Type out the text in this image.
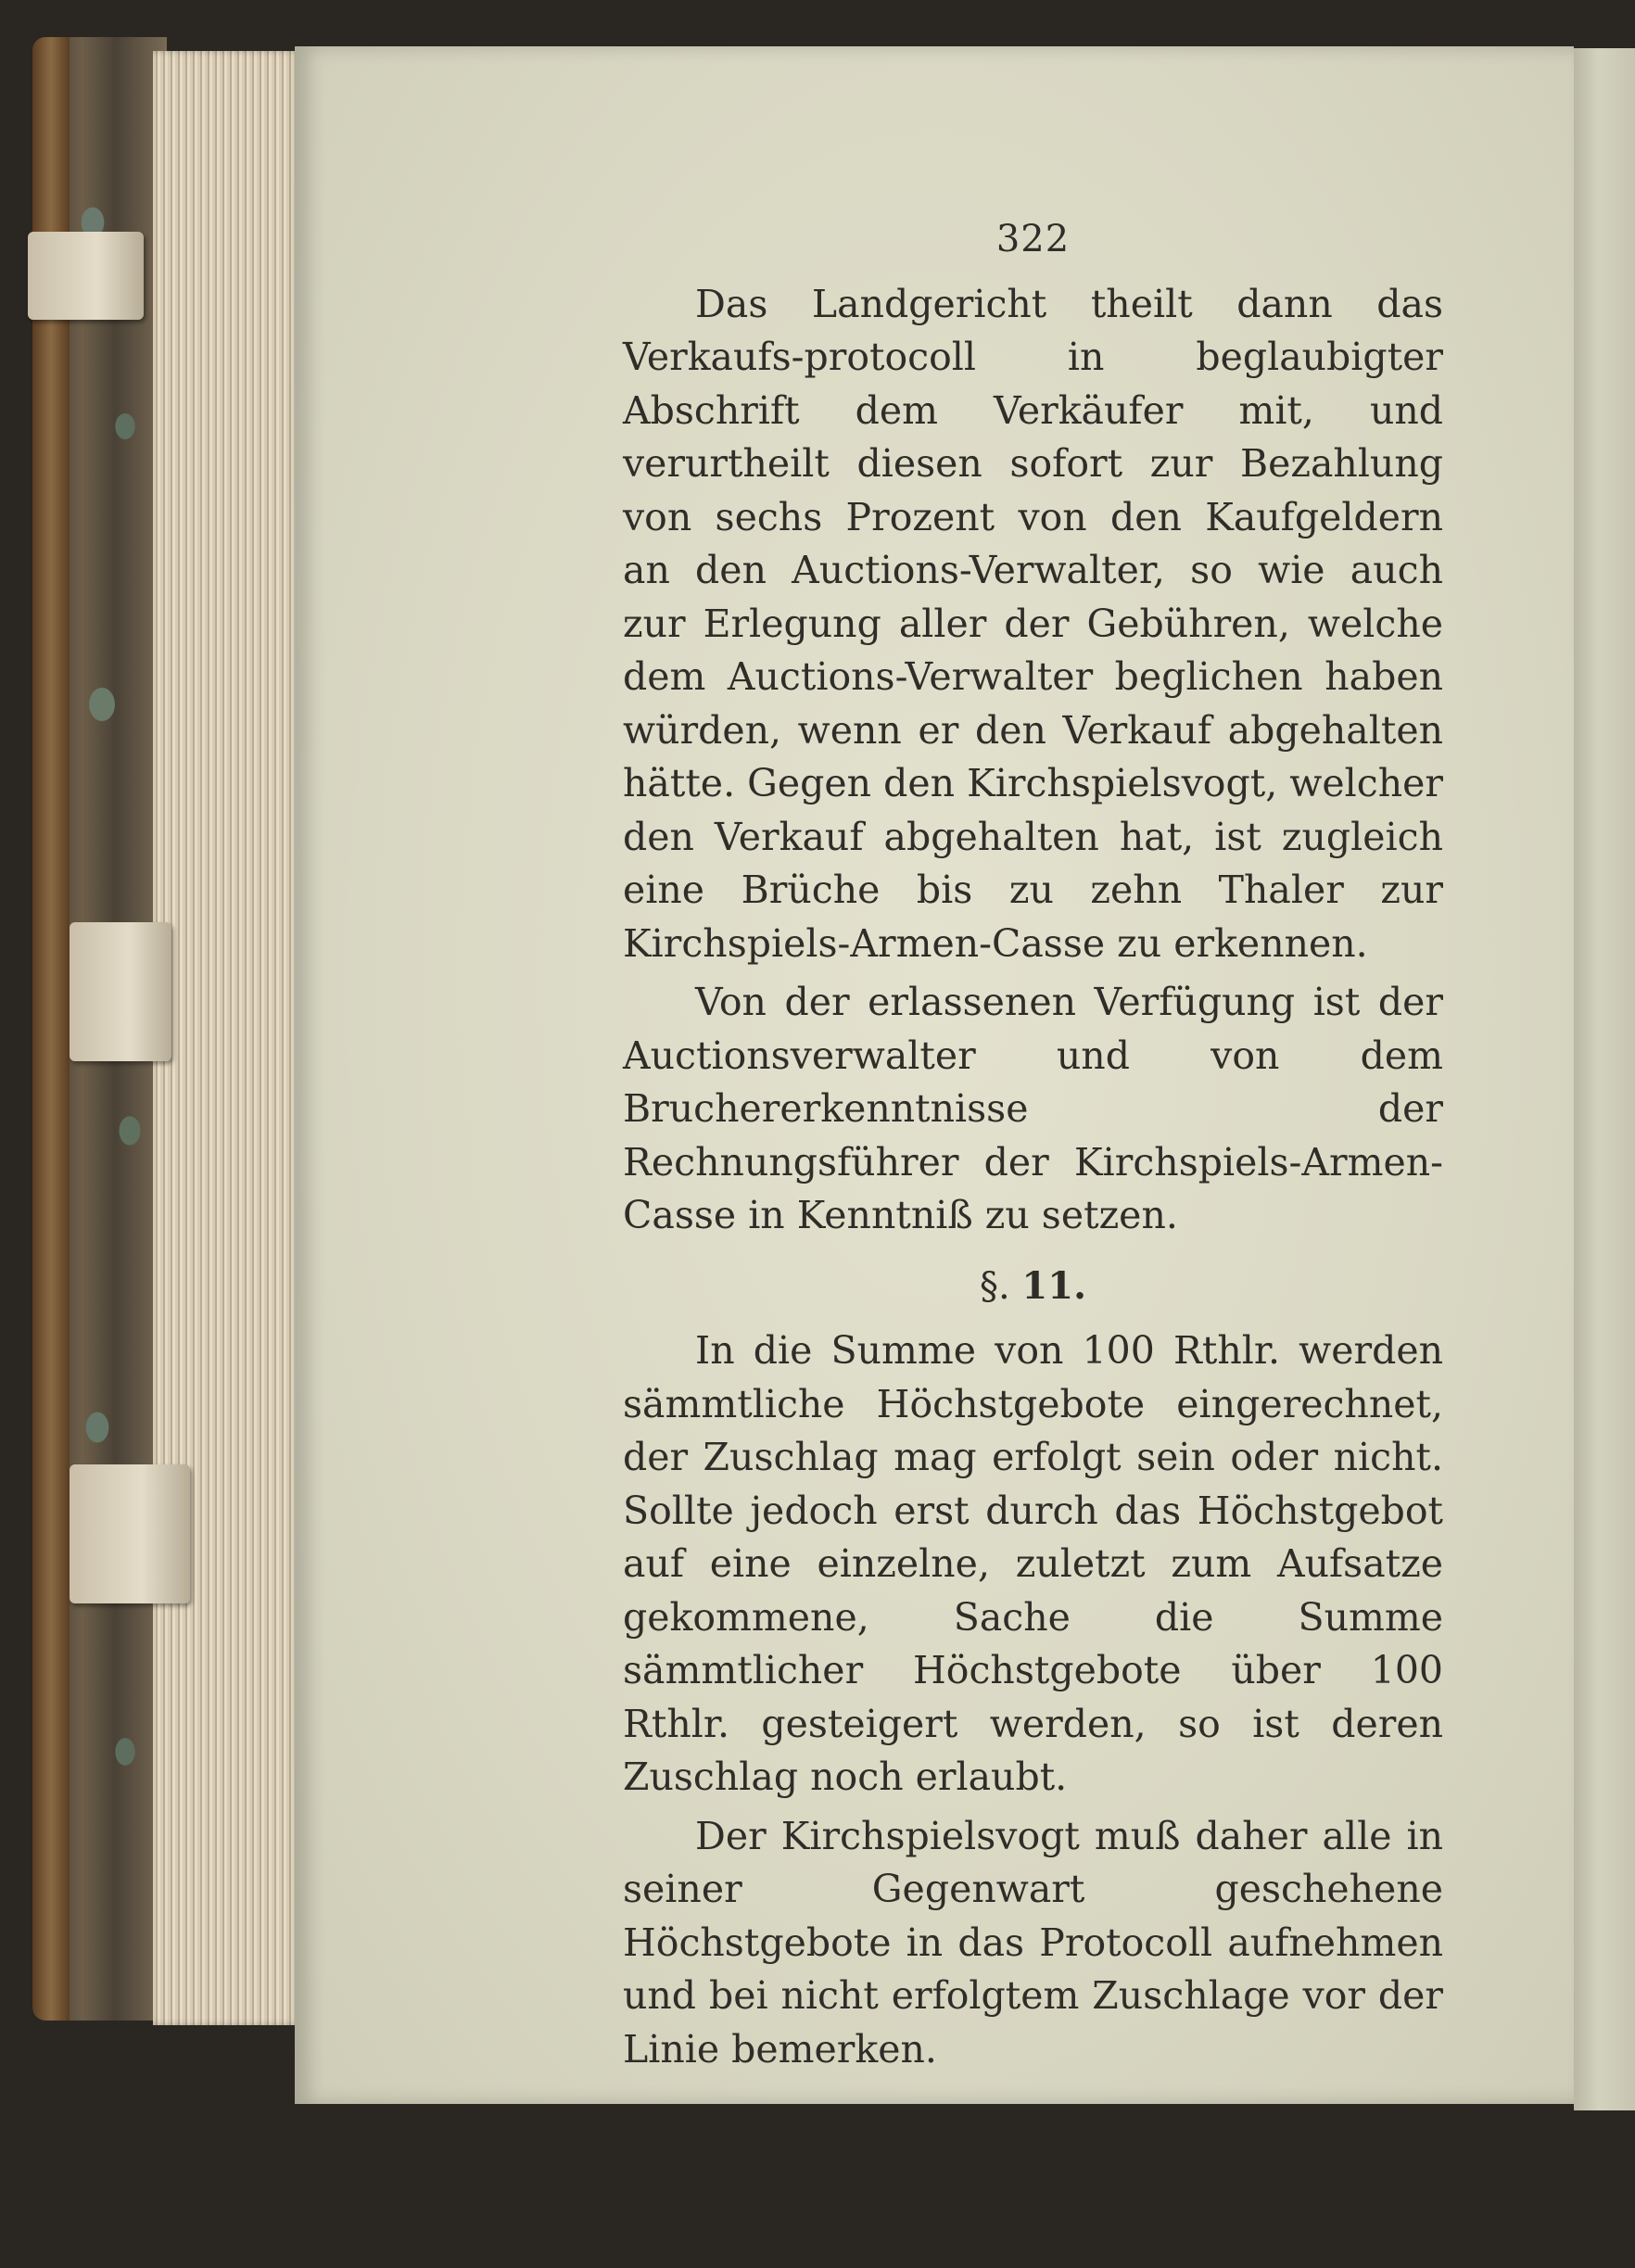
322

Das Landgericht theilt dann das Verkaufs-protocoll in beglaubigter Abschrift dem Verkäufer mit, und verurtheilt diesen sofort zur Bezahlung von sechs Prozent von den Kaufgeldern an den Auctions-Verwalter, so wie auch zur Erlegung aller der Gebühren, welche dem Auctions-Verwalter beglichen haben würden, wenn er den Verkauf abgehalten hätte. Gegen den Kirchspielsvogt, welcher den Verkauf abgehalten hat, ist zugleich eine Brüche bis zu zehn Thaler zur Kirchspiels-Armen-Casse zu erkennen.

Von der erlassenen Verfügung ist der Auctionsverwalter und von dem Bruchererkenntnisse der Rechnungsführer der Kirchspiels-Armen-Casse in Kenntniß zu setzen.

§. 11.

In die Summe von 100 Rthlr. werden sämmtliche Höchstgebote eingerechnet, der Zuschlag mag erfolgt sein oder nicht. Sollte jedoch erst durch das Höchstgebot auf eine einzelne, zuletzt zum Aufsatze gekommene, Sache die Summe sämmtlicher Höchstgebote über 100 Rthlr. gesteigert werden, so ist deren Zuschlag noch erlaubt.

Der Kirchspielsvogt muß daher alle in seiner Gegenwart geschehene Höchstgebote in das Protocoll aufnehmen und bei nicht erfolgtem Zuschlage vor der Linie bemerken.
